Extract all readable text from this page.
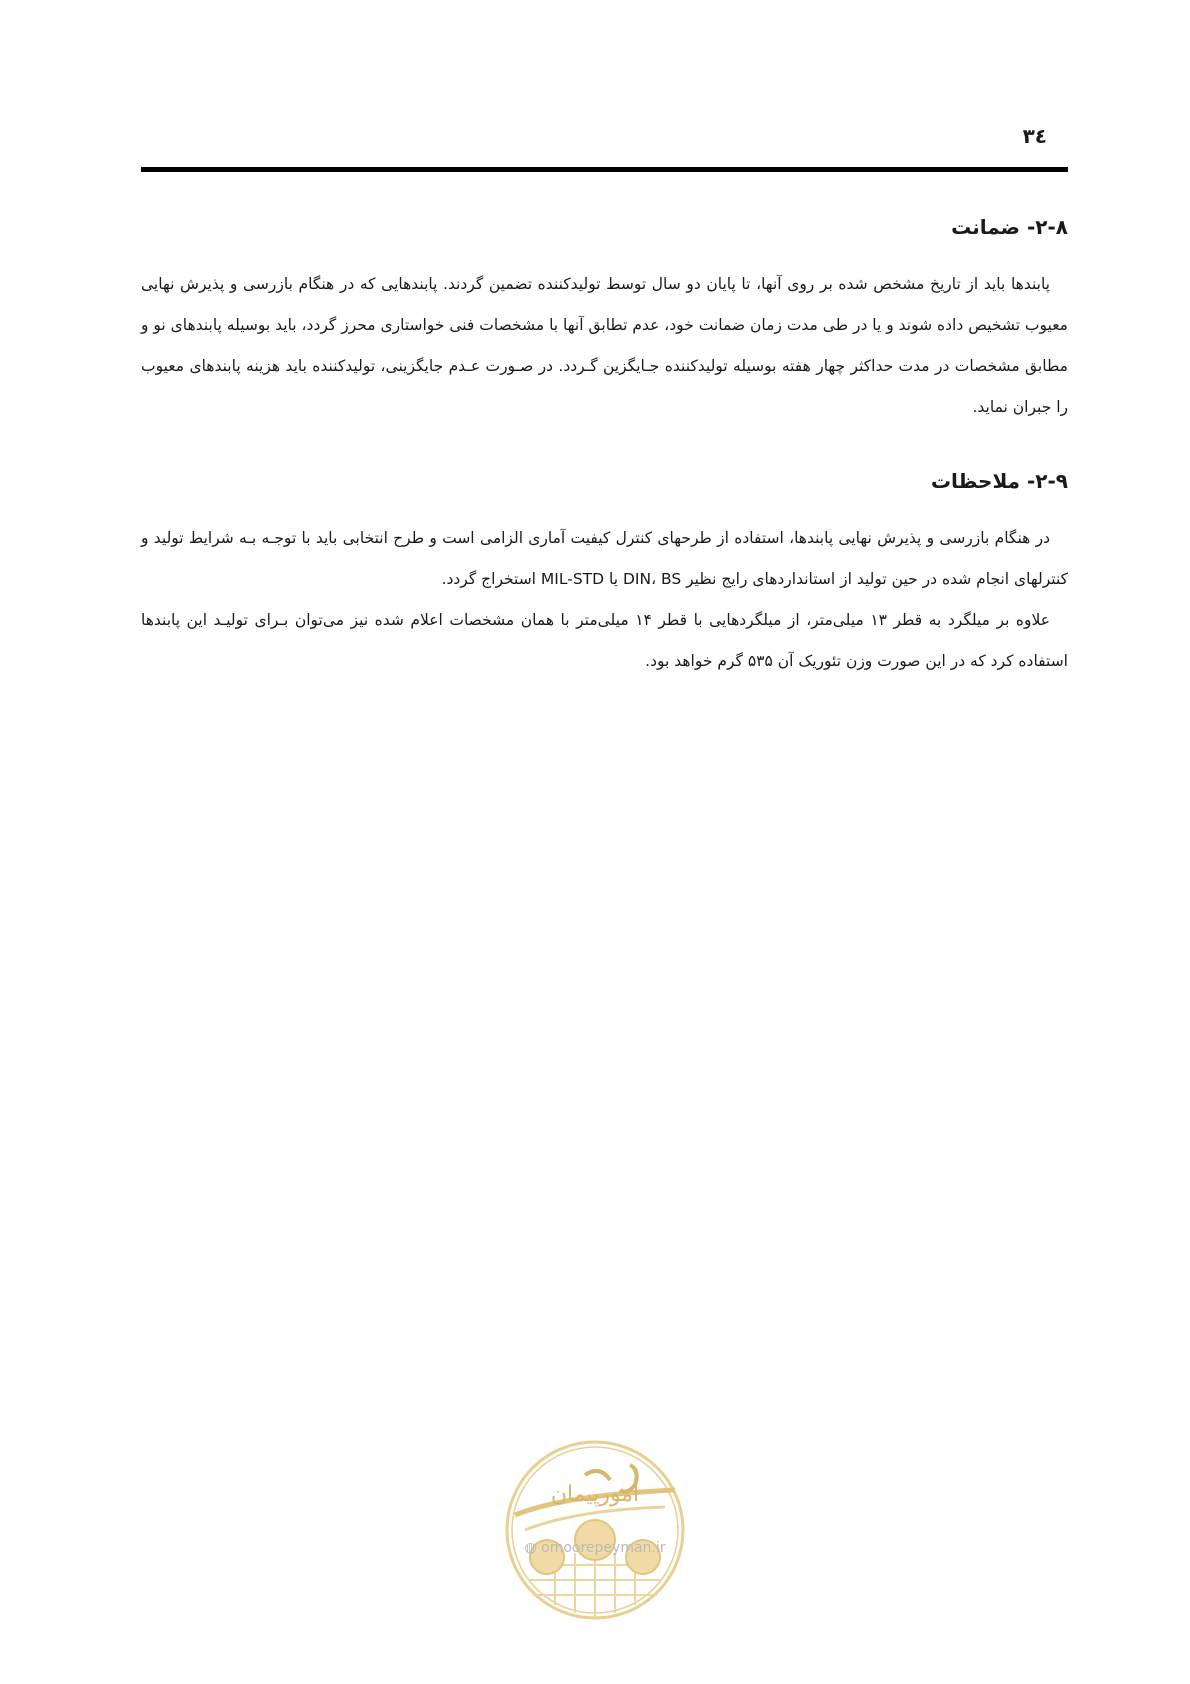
۳٤
۲-۸- ضمانت

پابندها باید از تاریخ مشخص شده بر روی آنها، تا پایان دو سال توسط تولیدکننده تضمین گردند. پابندهایی که در هنگام بازرسی و پذیرش نهایی معیوب تشخیص داده شوند و یا در طی مدت زمان ضمانت خود، عدم تطابق آنها با مشخصات فنی خواستاری محرز گردد، باید بوسیله پابندهای نو و مطابق مشخصات در مدت حداکثر چهار هفته بوسیله تولیدکننده جـایگزین گـردد. در صـورت عـدم جایگزینی، تولیدکننده باید هزینه پابندهای معیوب را جبران نماید.

۲-۹- ملاحظات

در هنگام بازرسی و پذیرش نهایی پابندها، استفاده از طرحهای کنترل کیفیت آماری الزامی است و طرح انتخابی باید با توجـه بـه شرایط تولید و کنترلهای انجام شده در حین تولید از استانداردهای رایج نظیر DIN، BS یا MIL-STD استخراج گردد.

علاوه بر میلگرد به قطر ۱۳ میلی‌متر، از میلگردهایی با قطر ۱۴ میلی‌متر با همان مشخصات اعلام شده نیز می‌توان بـرای تولیـد این پابندها استفاده کرد که در این صورت وزن تئوریک آن ۵۳۵ گرم خواهد بود.

امورپیمان
◍ omoorepeyman.ir
